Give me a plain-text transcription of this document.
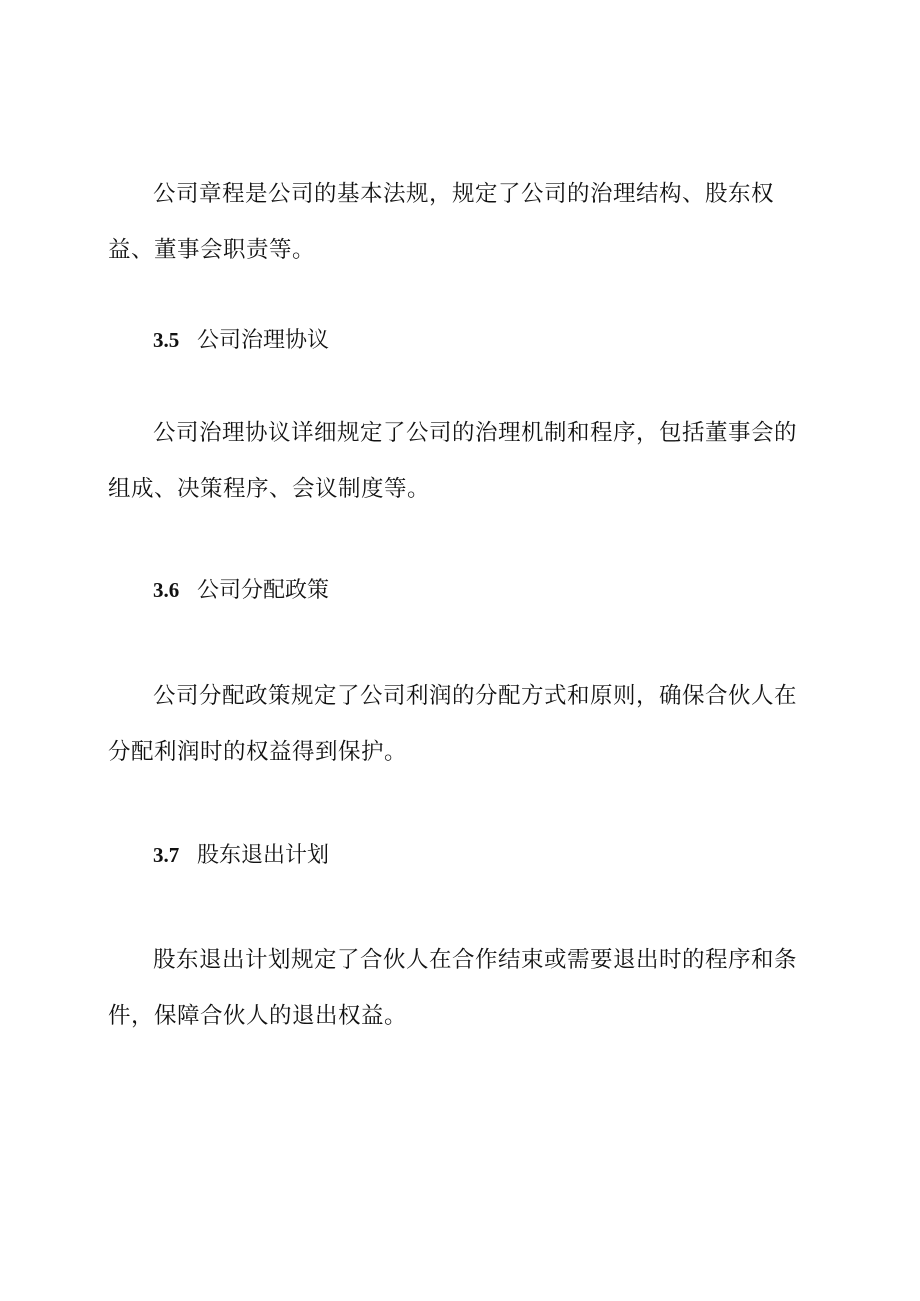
公司章程是公司的基本法规，规定了公司的治理结构、股东权益、董事会职责等。

3.5 公司治理协议

公司治理协议详细规定了公司的治理机制和程序，包括董事会的组成、决策程序、会议制度等。

3.6 公司分配政策

公司分配政策规定了公司利润的分配方式和原则，确保合伙人在分配利润时的权益得到保护。

3.7 股东退出计划

股东退出计划规定了合伙人在合作结束或需要退出时的程序和条件，保障合伙人的退出权益。
